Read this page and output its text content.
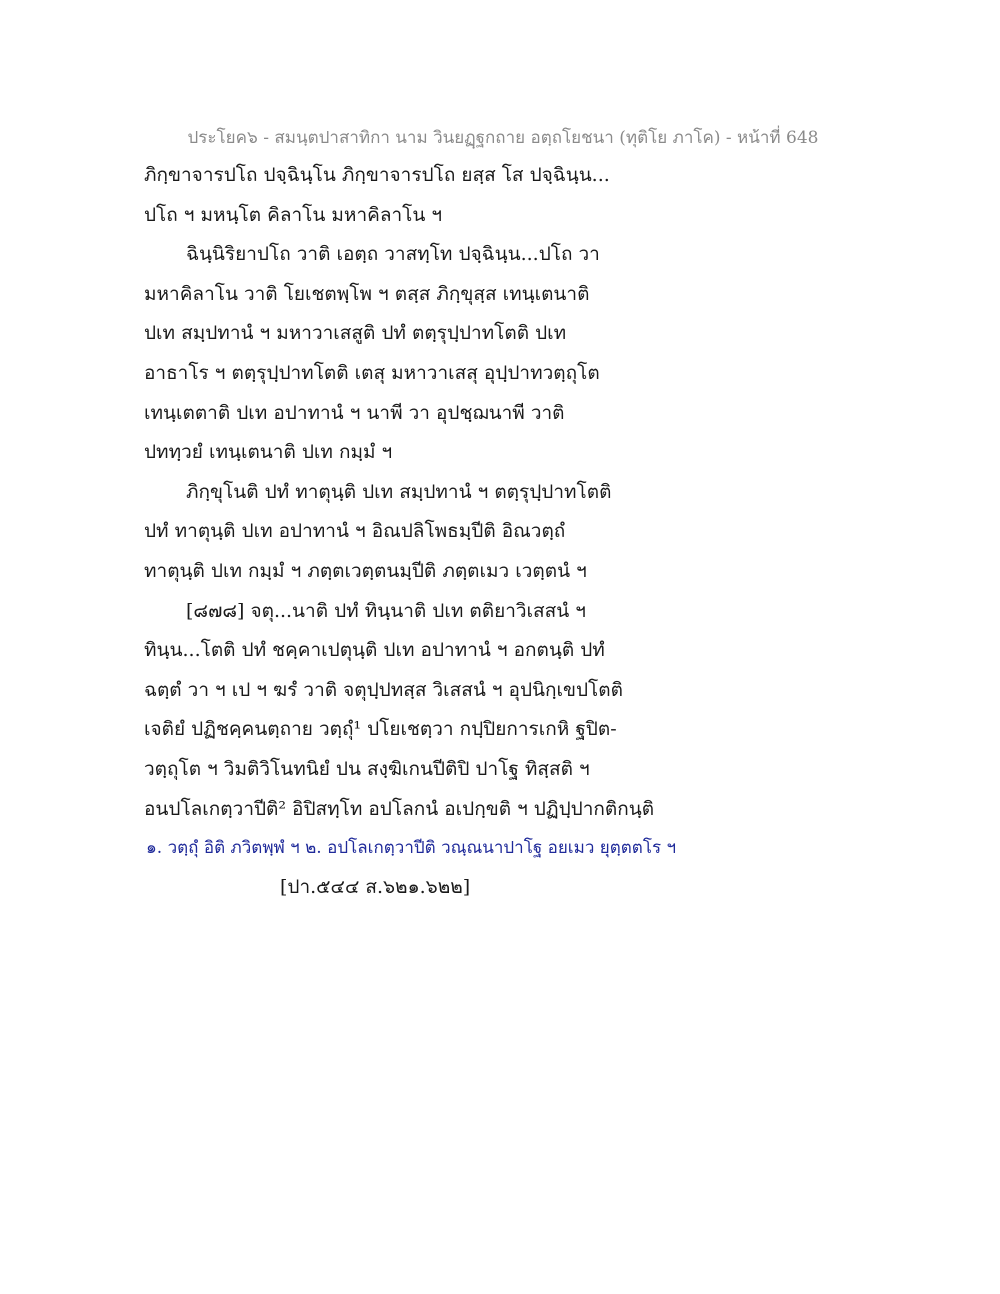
ประโยค๖ - สมนฺตปาสาทิกา นาม วินยฏฺฐกถาย อตฺถโยชนา (ทุติโย ภาโค) - หน้าที่ 648
ภิกฺขาจารปโถ ปจฺฉินฺโน ภิกฺขาจารปโถ ยสฺส โส ปจฺฉินฺน...
ปโถ ฯ มหนฺโต คิลาโน มหาคิลาโน ฯ
ฉินฺนิริยาปโถ วาติ เอตฺถ วาสทฺโท ปจฺฉินฺน...ปโถ วา
มหาคิลาโน วาติ โยเชตพฺโพ ฯ ตสฺส ภิกฺขุสฺส เทนฺเตนาติ
ปเท สมฺปทานํ ฯ มหาวาเสสูติ ปทํ ตตฺรุปฺปาทโตติ ปเท
อาธาโร ฯ ตตฺรุปฺปาทโตติ เตสุ มหาวาเสสุ อุปฺปาทวตฺถุโต
เทนฺเตตาติ ปเท อปาทานํ ฯ นาพี วา อุปชฺฌนาพี วาติ
ปททฺวยํ เทนฺเตนาติ ปเท กมฺมํ ฯ
ภิกฺขุโนติ ปทํ ทาตุนฺติ ปเท สมฺปทานํ ฯ ตตฺรุปฺปาทโตติ
ปทํ ทาตุนฺติ ปเท อปาทานํ ฯ อิณปลิโพธมฺปีติ อิณวตฺถํ
ทาตุนฺติ ปเท กมฺมํ ฯ ภตฺตเวตฺตนมฺปีติ ภตฺตเมว เวตฺตนํ ฯ
[๘๗๘] จตุ...นาติ ปทํ ทินฺนาติ ปเท ตติยาวิเสสนํ ฯ
ทินฺน...โตติ ปทํ ชคฺคาเปตุนฺติ ปเท อปาทานํ ฯ อกตนฺติ ปทํ
ฉตฺตํ วา ฯ เป ฯ ฆรํ วาติ จตุปฺปทสฺส วิเสสนํ ฯ อุปนิกฺเขปโตติ
เจติยํ ปฏิชคฺคนตฺถาย วตฺถุํ¹ ปโยเชตฺวา กปฺปิยการเกหิ ฐปิต-
วตฺถุโต ฯ วิมติวิโนทนิยํ ปน สงฺฆิเกนปีติปิ ปาโฐ ทิสฺสติ ฯ
อนปโลเกตฺวาปีติ² อิปิสทฺโท อปโลกนํ อเปกฺขติ ฯ ปฏิปฺปากติกนฺติ
๑. วตฺถุํ อิติ ภวิตพฺพํ ฯ ๒. อปโลเกตฺวาปีติ วณฺณนาปาโฐ อยเมว ยุตฺตตโร ฯ
[ปา.๕๔๔ ส.๖๒๑.๖๒๒]
